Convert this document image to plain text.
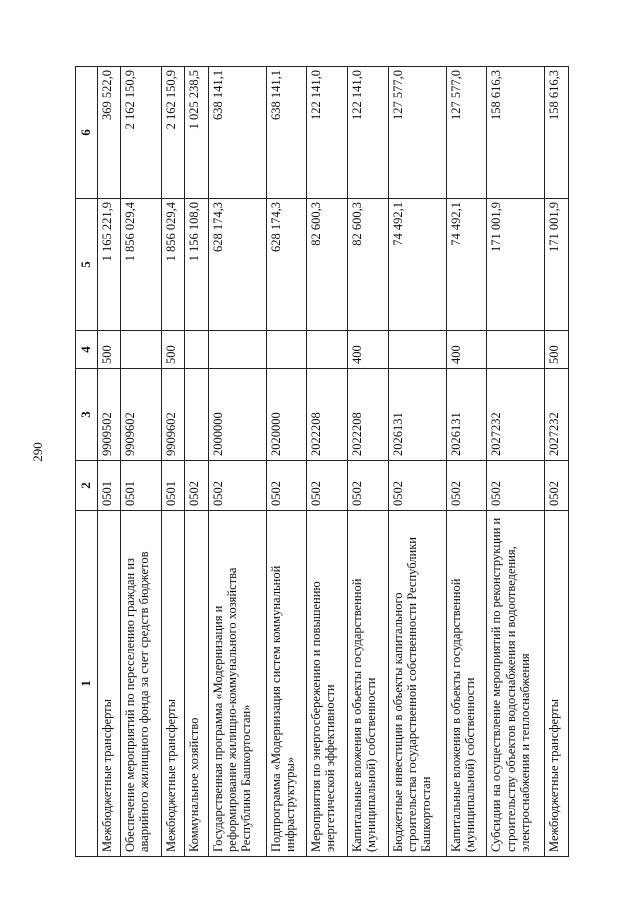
290
1	2	3	4	5	6
Межбюджетные трансферты	0501	9909502	500	1 165 221,9	369 522,0
Обеспечение мероприятий по переселению граждан из аварийного жилищного фонда за счет средств бюджетов	0501	9909602		1 856 029,4	2 162 150,9
Межбюджетные трансферты	0501	9909602	500	1 856 029,4	2 162 150,9
Коммунальное хозяйство	0502			1 156 108,0	1 025 238,5
Государственная программа «Модернизация и реформирование жилищно-коммунального хозяйства Республики Башкортостан»	0502	2000000		628 174,3	638 141,1
Подпрограмма «Модернизация систем коммунальной инфраструктуры»	0502	2020000		628 174,3	638 141,1
Мероприятия по энергосбережению и повышению энергетической эффективности	0502	2022208		82 600,3	122 141,0
Капитальные вложения в объекты государственной (муниципальной) собственности	0502	2022208	400	82 600,3	122 141,0
Бюджетные инвестиции в объекты капитального строительства государственной собственности Республики Башкортостан	0502	2026131		74 492,1	127 577,0
Капитальные вложения в объекты государственной (муниципальной) собственности	0502	2026131	400	74 492,1	127 577,0
Субсидии на осуществление мероприятий по реконструкции и строительству объектов водоснабжения и водоотведения, электроснабжения и теплоснабжения	0502	2027232		171 001,9	158 616,3
Межбюджетные трансферты	0502	2027232	500	171 001,9	158 616,3
